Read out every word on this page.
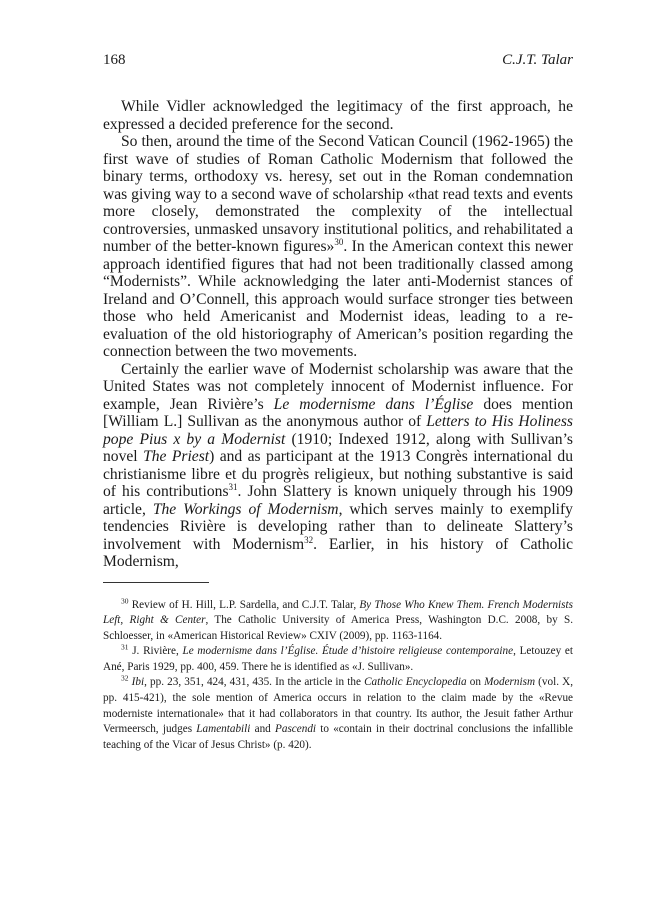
168	C.J.T. Talar

While Vidler acknowledged the legitimacy of the first approach, he expressed a decided preference for the second.

So then, around the time of the Second Vatican Council (1962-1965) the first wave of studies of Roman Catholic Modernism that followed the binary terms, orthodoxy vs. heresy, set out in the Roman condemnation was giving way to a second wave of scholarship «that read texts and events more closely, demonstrated the complexity of the intellectual controversies, unmasked unsavory institutional politics, and rehabilitated a number of the better-known figures»$^{30}$. In the American context this newer approach identified figures that had not been traditionally classed among “Modernists”. While acknowledging the later anti-Modernist stances of Ireland and O’Connell, this approach would surface stronger ties between those who held Americanist and Modernist ideas, leading to a re-evaluation of the old historiography of American’s position regarding the connection between the two movements.

Certainly the earlier wave of Modernist scholarship was aware that the United States was not completely innocent of Modernist influence. For example, Jean Rivière’s Le modernisme dans l’Église does mention [William L.] Sullivan as the anonymous author of Letters to His Holiness pope Pius x by a Modernist (1910; Indexed 1912, along with Sullivan’s novel The Priest) and as participant at the 1913 Congrès international du christianisme libre et du progrès religieux, but nothing substantive is said of his contributions$^{31}$. John Slattery is known uniquely through his 1909 article, The Workings of Modernism, which serves mainly to exemplify tendencies Rivière is developing rather than to delineate Slattery’s involvement with Modernism$^{32}$. Earlier, in his history of Catholic Modernism,

$^{30}$ Review of H. Hill, L.P. Sardella, and C.J.T. Talar, By Those Who Knew Them. French Modernists Left, Right & Center, The Catholic University of America Press, Washington D.C. 2008, by S. Schloesser, in «American Historical Review» CXIV (2009), pp. 1163-1164.

$^{31}$ J. Rivière, Le modernisme dans l’Église. Étude d’histoire religieuse contemporaine, Letouzey et Ané, Paris 1929, pp. 400, 459. There he is identified as «J. Sullivan».

$^{32}$ Ibi, pp. 23, 351, 424, 431, 435. In the article in the Catholic Encyclopedia on Modernism (vol. X, pp. 415-421), the sole mention of America occurs in relation to the claim made by the «Revue moderniste internationale» that it had collaborators in that country. Its author, the Jesuit father Arthur Vermeersch, judges Lamentabili and Pascendi to «contain in their doctrinal conclusions the infallible teaching of the Vicar of Jesus Christ» (p. 420).
